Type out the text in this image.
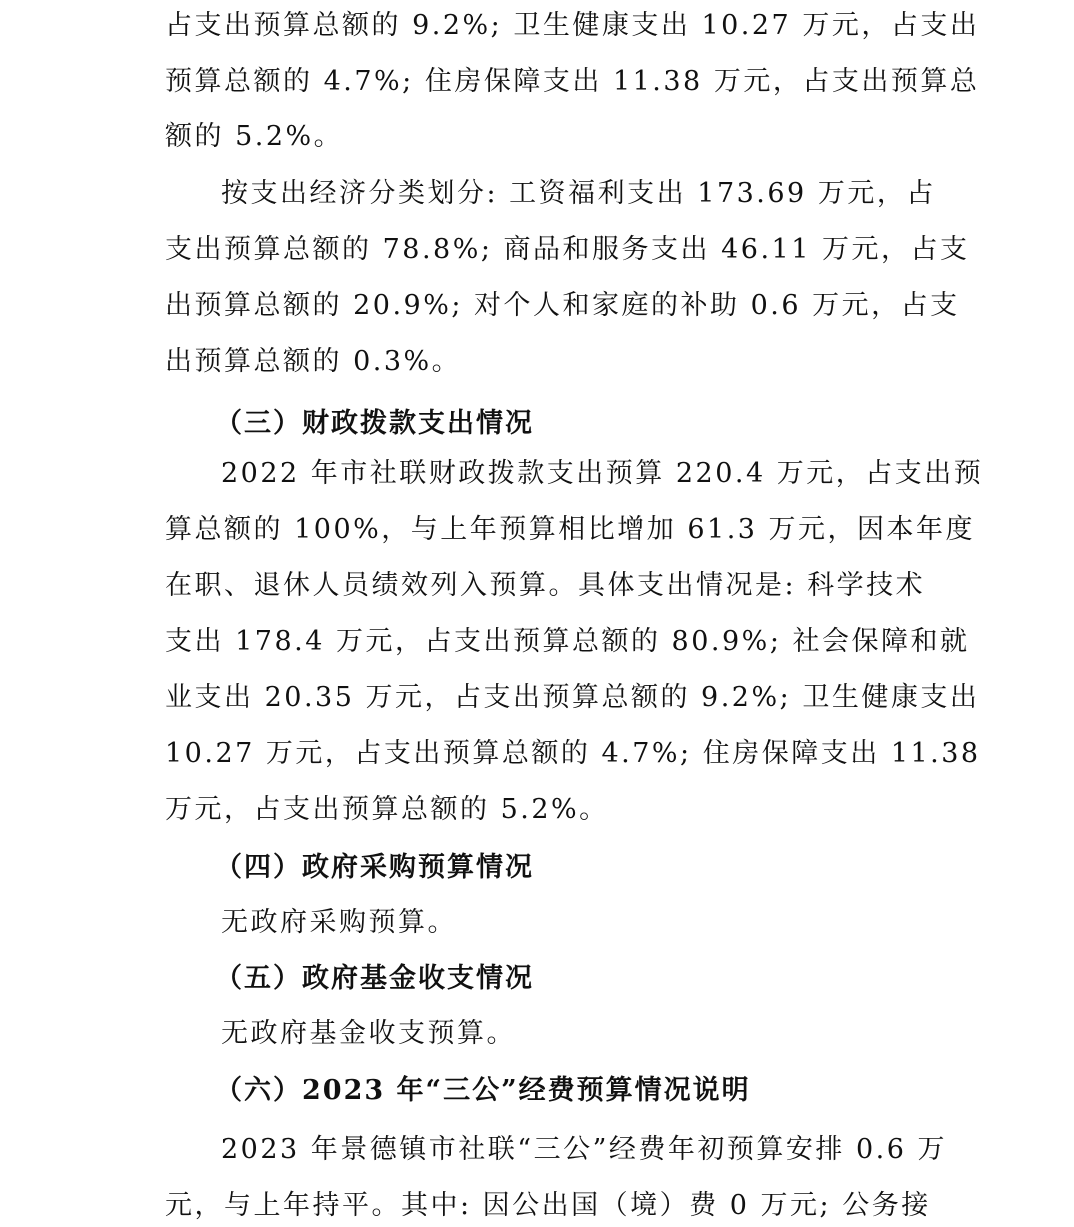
占支出预算总额的 9.2%; 卫生健康支出 10.27 万元，占支出
预算总额的 4.7%; 住房保障支出 11.38 万元，占支出预算总
额的 5.2%。
按支出经济分类划分: 工资福利支出 173.69 万元，占
支出预算总额的 78.8%; 商品和服务支出 46.11 万元，占支
出预算总额的 20.9%; 对个人和家庭的补助 0.6 万元，占支
出预算总额的 0.3%。
（三）财政拨款支出情况
2022 年市社联财政拨款支出预算 220.4 万元，占支出预
算总额的 100%，与上年预算相比增加 61.3 万元，因本年度
在职、退休人员绩效列入预算。具体支出情况是: 科学技术
支出 178.4 万元，占支出预算总额的 80.9%; 社会保障和就
业支出 20.35 万元，占支出预算总额的 9.2%; 卫生健康支出
10.27 万元，占支出预算总额的 4.7%; 住房保障支出 11.38
万元，占支出预算总额的 5.2%。
（四）政府采购预算情况
无政府采购预算。
（五）政府基金收支情况
无政府基金收支预算。
（六）2023 年“三公”经费预算情况说明
2023 年景德镇市社联“三公”经费年初预算安排 0.6 万
元，与上年持平。其中: 因公出国（境）费 0 万元; 公务接
